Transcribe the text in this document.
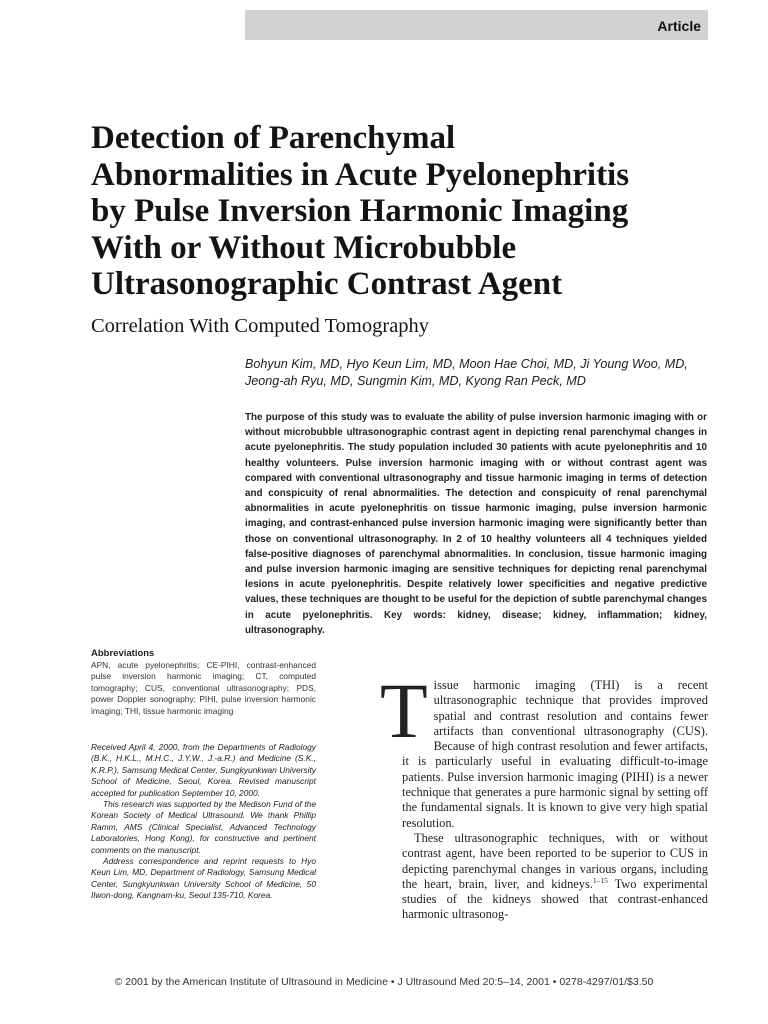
Article
Detection of Parenchymal
Abnormalities in Acute Pyelonephritis
by Pulse Inversion Harmonic Imaging
With or Without Microbubble
Ultrasonographic Contrast Agent
Correlation With Computed Tomography
Bohyun Kim, MD, Hyo Keun Lim, MD, Moon Hae Choi, MD, Ji Young Woo, MD,
Jeong-ah Ryu, MD, Sungmin Kim, MD, Kyong Ran Peck, MD
The purpose of this study was to evaluate the ability of pulse inversion harmonic imaging with or without microbubble ultrasonographic contrast agent in depicting renal parenchymal changes in acute pyelonephritis. The study population included 30 patients with acute pyelonephritis and 10 healthy volunteers. Pulse inversion harmonic imaging with or without contrast agent was compared with conventional ultrasonography and tissue harmonic imaging in terms of detection and conspicuity of renal abnormalities. The detection and conspicuity of renal parenchymal abnormalities in acute pyelonephritis on tissue harmonic imaging, pulse inversion harmonic imaging, and contrast-enhanced pulse inversion harmonic imaging were significantly better than those on conventional ultrasonography. In 2 of 10 healthy volunteers all 4 techniques yielded false-positive diagnoses of parenchymal abnormalities. In conclusion, tissue harmonic imaging and pulse inversion harmonic imaging are sensitive techniques for depicting renal parenchymal lesions in acute pyelonephritis. Despite relatively lower specificities and negative predictive values, these techniques are thought to be useful for the depiction of subtle parenchymal changes in acute pyelonephritis. Key words: kidney, disease; kidney, inflammation; kidney, ultrasonography.
Abbreviations
APN, acute pyelonephritis; CE-PIHI, contrast-enhanced pulse inversion harmonic imaging; CT, computed tomography; CUS, conventional ultrasonography; PDS, power Doppler sonography; PIHI, pulse inversion harmonic imaging; THI, tissue harmonic imaging

Received April 4, 2000, from the Departments of Radiology (B.K., H.K.L., M.H.C., J.Y.W., J.-a.R.) and Medicine (S.K., K.R.P.), Samsung Medical Center, Sungkyunkwan University School of Medicine, Seoul, Korea. Revised manuscript accepted for publication September 10, 2000.

This research was supported by the Medison Fund of the Korean Society of Medical Ultrasound. We thank Phillip Ramm, AMS (Clinical Specialist, Advanced Technology Laboratories, Hong Kong), for constructive and pertinent comments on the manuscript.

Address correspondence and reprint requests to Hyo Keun Lim, MD, Department of Radiology, Samsung Medical Center, Sungkyunkwan University School of Medicine, 50 Ilwon-dong, Kangnam-ku, Seoul 135-710, Korea.

Tissue harmonic imaging (THI) is a recent ultrasonographic technique that provides improved spatial and contrast resolution and contains fewer artifacts than conventional ultrasonography (CUS). Because of high contrast resolution and fewer artifacts, it is particularly useful in evaluating difficult-to-image patients. Pulse inversion harmonic imaging (PIHI) is a newer technique that generates a pure harmonic signal by setting off the fundamental signals. It is known to give very high spatial resolution.

These ultrasonographic techniques, with or without contrast agent, have been reported to be superior to CUS in depicting parenchymal changes in various organs, including the heart, brain, liver, and kidneys.$^{1-15}$ Two experimental studies of the kidneys showed that contrast-enhanced harmonic ultrasonog-

© 2001 by the American Institute of Ultrasound in Medicine • J Ultrasound Med 20:5–14, 2001 • 0278-4297/01/$3.50
